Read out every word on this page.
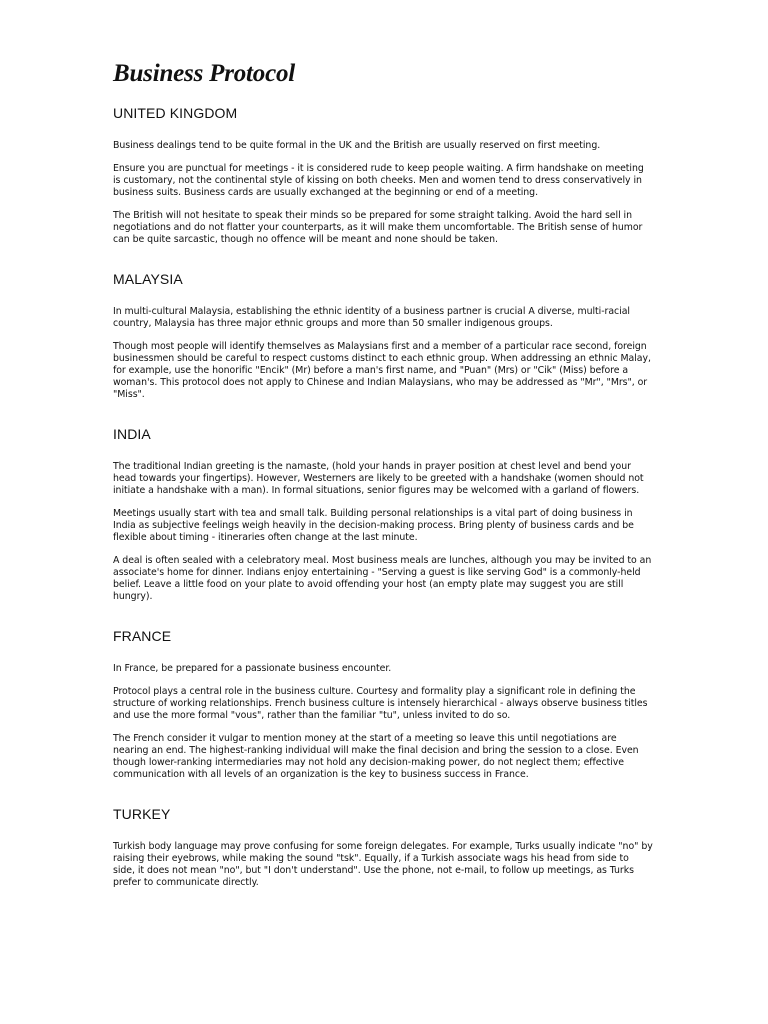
Business Protocol
UNITED KINGDOM

Business dealings tend to be quite formal in the UK and the British are usually reserved on first meeting.

Ensure you are punctual for meetings - it is considered rude to keep people waiting. A firm handshake on meeting is customary, not the continental style of kissing on both cheeks. Men and women tend to dress conservatively in business suits. Business cards are usually exchanged at the beginning or end of a meeting.

The British will not hesitate to speak their minds so be prepared for some straight talking. Avoid the hard sell in negotiations and do not flatter your counterparts, as it will make them uncomfortable. The British sense of humor can be quite sarcastic, though no offence will be meant and none should be taken.

MALAYSIA

In multi-cultural Malaysia, establishing the ethnic identity of a business partner is crucial A diverse, multi-racial country, Malaysia has three major ethnic groups and more than 50 smaller indigenous groups.

Though most people will identify themselves as Malaysians first and a member of a particular race second, foreign businessmen should be careful to respect customs distinct to each ethnic group. When addressing an ethnic Malay, for example, use the honorific "Encik" (Mr) before a man's first name, and "Puan" (Mrs) or "Cik" (Miss) before a woman's. This protocol does not apply to Chinese and Indian Malaysians, who may be addressed as "Mr", "Mrs", or "Miss".

INDIA

The traditional Indian greeting is the namaste, (hold your hands in prayer position at chest level and bend your head towards your fingertips). However, Westerners are likely to be greeted with a handshake (women should not initiate a handshake with a man). In formal situations, senior figures may be welcomed with a garland of flowers.

Meetings usually start with tea and small talk. Building personal relationships is a vital part of doing business in India as subjective feelings weigh heavily in the decision-making process. Bring plenty of business cards and be flexible about timing - itineraries often change at the last minute.

A deal is often sealed with a celebratory meal. Most business meals are lunches, although you may be invited to an associate's home for dinner. Indians enjoy entertaining - "Serving a guest is like serving God" is a commonly-held belief. Leave a little food on your plate to avoid offending your host (an empty plate may suggest you are still hungry).

FRANCE

In France, be prepared for a passionate business encounter.

Protocol plays a central role in the business culture. Courtesy and formality play a significant role in defining the structure of working relationships. French business culture is intensely hierarchical - always observe business titles and use the more formal "vous", rather than the familiar "tu", unless invited to do so.

The French consider it vulgar to mention money at the start of a meeting so leave this until negotiations are nearing an end. The highest-ranking individual will make the final decision and bring the session to a close. Even though lower-ranking intermediaries may not hold any decision-making power, do not neglect them; effective communication with all levels of an organization is the key to business success in France.

TURKEY

Turkish body language may prove confusing for some foreign delegates. For example, Turks usually indicate "no" by raising their eyebrows, while making the sound "tsk". Equally, if a Turkish associate wags his head from side to side, it does not mean "no", but "I don't understand". Use the phone, not e-mail, to follow up meetings, as Turks prefer to communicate directly.
